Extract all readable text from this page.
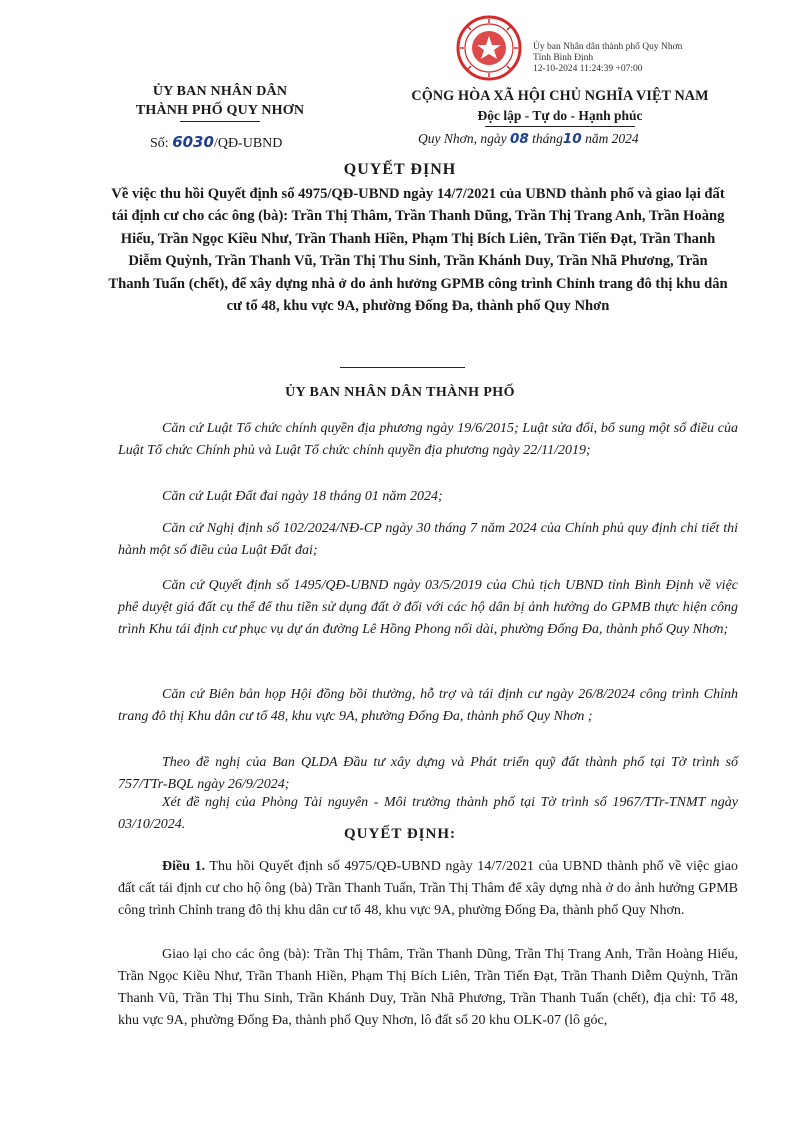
Ủy ban Nhân dân thành phố Quy Nhơn
Tỉnh Bình Định
12-10-2024 11:24:39 +07:00
ỦY BAN NHÂN DÂN
THÀNH PHỐ QUY NHƠN
Số: 6030/QĐ-UBND
CỘNG HÒA XÃ HỘI CHỦ NGHĨA VIỆT NAM
Độc lập - Tự do - Hạnh phúc
Quy Nhơn, ngày 08 tháng10 năm 2024
QUYẾT ĐỊNH
Về việc thu hồi Quyết định số 4975/QĐ-UBND ngày 14/7/2021 của UBND thành phố và giao lại đất tái định cư cho các ông (bà): Trần Thị Thâm, Trần Thanh Dũng, Trần Thị Trang Anh, Trần Hoàng Hiếu, Trần Ngọc Kiều Như, Trần Thanh Hiền, Phạm Thị Bích Liên, Trần Tiến Đạt, Trần Thanh Diễm Quỳnh, Trần Thanh Vũ, Trần Thị Thu Sinh, Trần Khánh Duy, Trần Nhã Phương, Trần Thanh Tuấn (chết), để xây dựng nhà ở do ảnh hưởng GPMB công trình Chỉnh trang đô thị khu dân cư tổ 48, khu vực 9A, phường Đống Đa, thành phố Quy Nhơn
ỦY BAN NHÂN DÂN THÀNH PHỐ
Căn cứ Luật Tổ chức chính quyền địa phương ngày 19/6/2015; Luật sửa đổi, bổ sung một số điều của Luật Tổ chức Chính phủ và Luật Tổ chức chính quyền địa phương ngày 22/11/2019;
Căn cứ Luật Đất đai ngày 18 tháng 01 năm 2024;
Căn cứ Nghị định số 102/2024/NĐ-CP ngày 30 tháng 7 năm 2024 của Chính phủ quy định chi tiết thi hành một số điều của Luật Đất đai;
Căn cứ Quyết định số 1495/QĐ-UBND ngày 03/5/2019 của Chủ tịch UBND tỉnh Bình Định về việc phê duyệt giá đất cụ thể để thu tiền sử dụng đất ở đối với các hộ dân bị ảnh hưởng do GPMB thực hiện công trình Khu tái định cư phục vụ dự án đường Lê Hồng Phong nối dài, phường Đống Đa, thành phố Quy Nhơn;
Căn cứ Biên bản họp Hội đồng bồi thường, hỗ trợ và tái định cư ngày 26/8/2024 công trình Chỉnh trang đô thị Khu dân cư tổ 48, khu vực 9A, phường Đống Đa, thành phố Quy Nhơn ;
Theo đề nghị của Ban QLDA Đầu tư xây dựng và Phát triển quỹ đất thành phố tại Tờ trình số 757/TTr-BQL ngày 26/9/2024;
Xét đề nghị của Phòng Tài nguyên - Môi trường thành phố tại Tờ trình số 1967/TTr-TNMT ngày 03/10/2024.
QUYẾT ĐỊNH:
Điều 1. Thu hồi Quyết định số 4975/QĐ-UBND ngày 14/7/2021 của UBND thành phố về việc giao đất cất tái định cư cho hộ ông (bà) Trần Thanh Tuấn, Trần Thị Thâm để xây dựng nhà ở do ảnh hưởng GPMB công trình Chỉnh trang đô thị khu dân cư tổ 48, khu vực 9A, phường Đống Đa, thành phố Quy Nhơn.
Giao lại cho các ông (bà): Trần Thị Thâm, Trần Thanh Dũng, Trần Thị Trang Anh, Trần Hoàng Hiếu, Trần Ngọc Kiều Như, Trần Thanh Hiền, Phạm Thị Bích Liên, Trần Tiến Đạt, Trần Thanh Diễm Quỳnh, Trần Thanh Vũ, Trần Thị Thu Sinh, Trần Khánh Duy, Trần Nhã Phương, Trần Thanh Tuấn (chết), địa chỉ: Tổ 48, khu vực 9A, phường Đống Đa, thành phố Quy Nhơn, lô đất số 20 khu OLK-07 (lô góc,
